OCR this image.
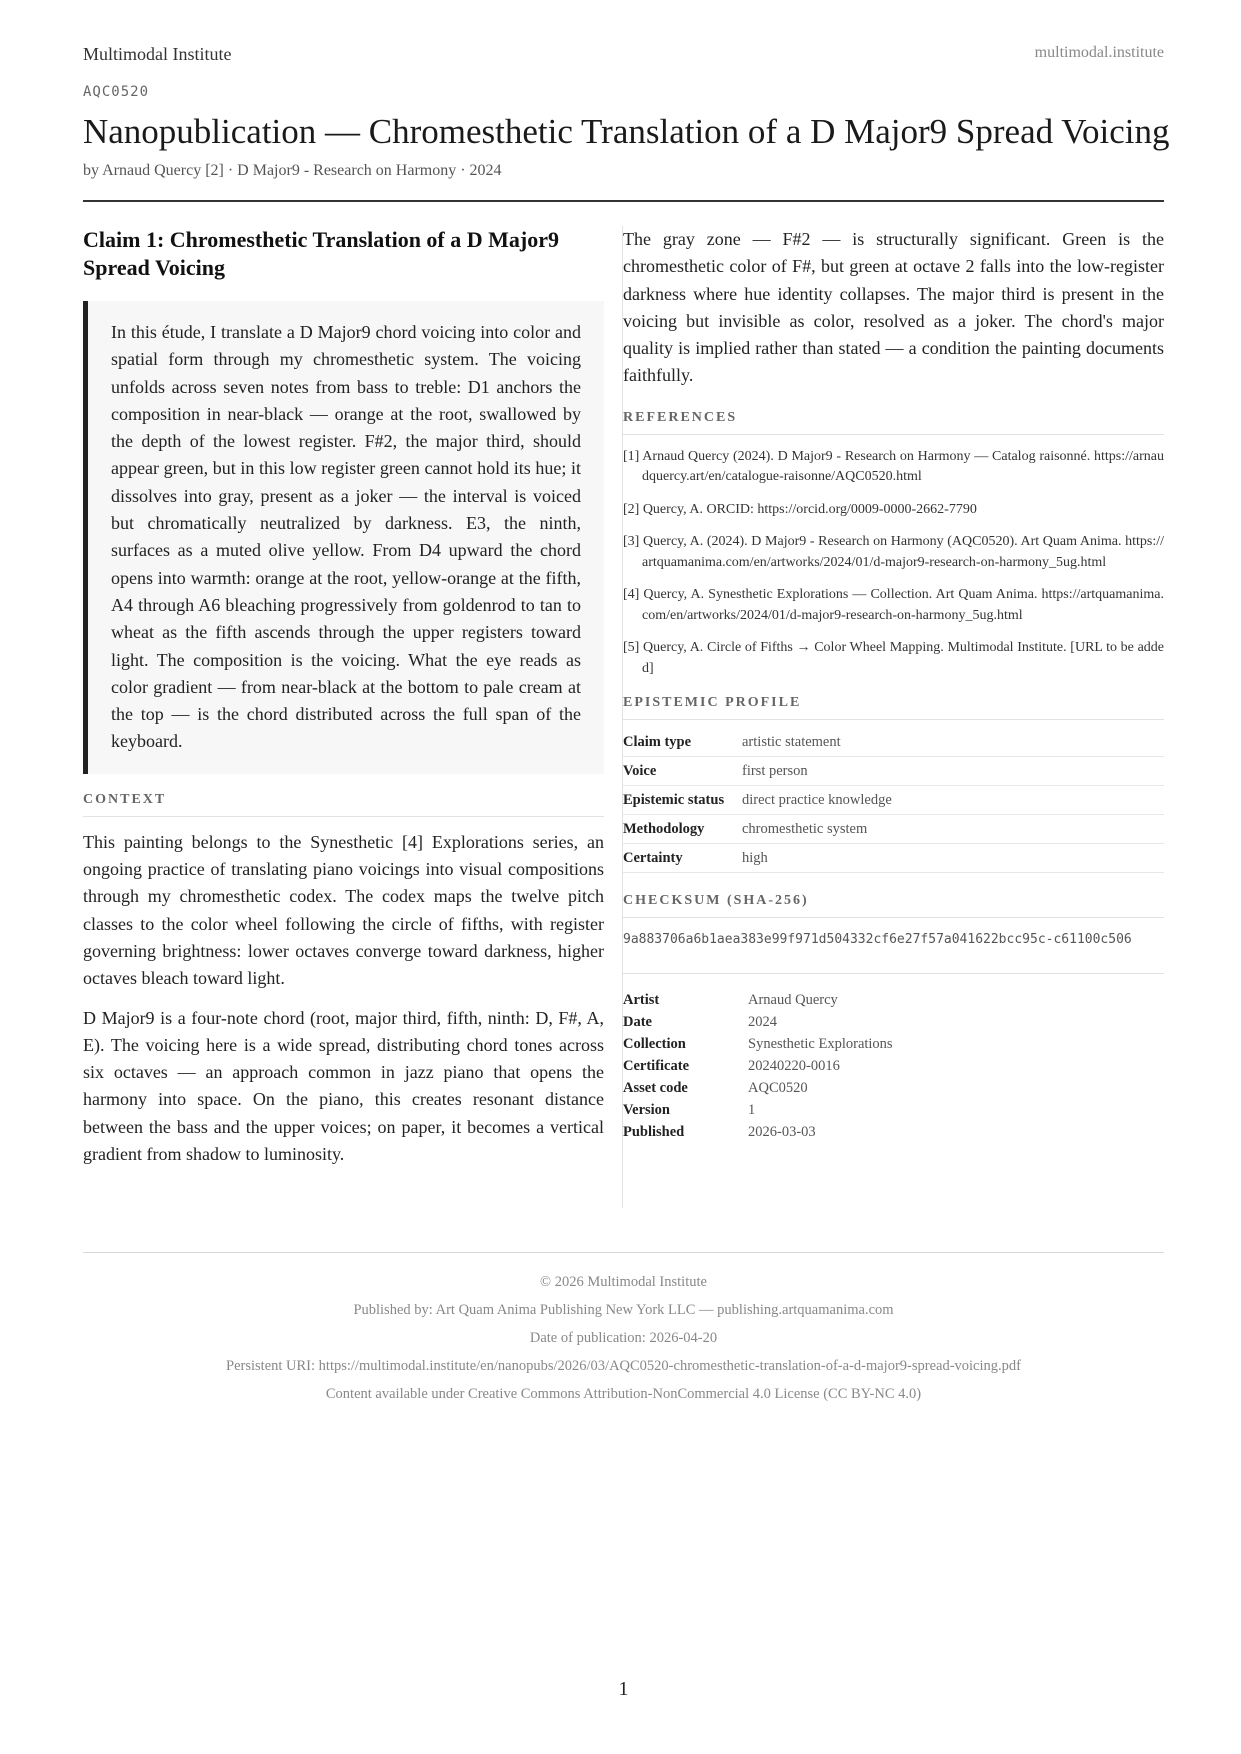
Multimodal Institute	multimodal.institute
AQC0520
Nanopublication — Chromesthetic Translation of a D Major9 Spread Voicing
by Arnaud Quercy [2] · D Major9 - Research on Harmony · 2024
Claim 1: Chromesthetic Translation of a D Major9 Spread Voicing

In this étude, I translate a D Major9 chord voicing into color and spatial form through my chromesthetic system. The voicing unfolds across seven notes from bass to treble: D1 anchors the composition in near-black — orange at the root, swallowed by the depth of the lowest register. F#2, the major third, should appear green, but in this low register green cannot hold its hue; it dissolves into gray, present as a joker — the interval is voiced but chromatically neutralized by darkness. E3, the ninth, surfaces as a muted olive yellow. From D4 upward the chord opens into warmth: orange at the root, yellow-orange at the fifth, A4 through A6 bleaching progressively from goldenrod to tan to wheat as the fifth ascends through the upper registers toward light. The composition is the voicing. What the eye reads as color gradient — from near-black at the bottom to pale cream at the top — is the chord distributed across the full span of the keyboard.

CONTEXT

This painting belongs to the Synesthetic [4] Explorations series, an ongoing practice of translating piano voicings into visual compositions through my chromesthetic codex. The codex maps the twelve pitch classes to the color wheel following the circle of fifths, with register governing brightness: lower octaves converge toward darkness, higher octaves bleach toward light.

D Major9 is a four-note chord (root, major third, fifth, ninth: D, F#, A, E). The voicing here is a wide spread, distributing chord tones across six octaves — an approach common in jazz piano that opens the harmony into space. On the piano, this creates resonant distance between the bass and the upper voices; on paper, it becomes a vertical gradient from shadow to luminosity.

The gray zone — F#2 — is structurally significant. Green is the chromesthetic color of F#, but green at octave 2 falls into the low-register darkness where hue identity collapses. The major third is present in the voicing but invisible as color, resolved as a joker. The chord's major quality is implied rather than stated — a condition the painting documents faithfully.

REFERENCES
[1] Arnaud Quercy (2024). D Major9 - Research on Harmony — Catalog raisonné. https://arnaudquercy.art/en/catalogue-raisonne/AQC0520.html
[2] Quercy, A. ORCID: https://orcid.org/0009-0000-2662-7790
[3] Quercy, A. (2024). D Major9 - Research on Harmony (AQC0520). Art Quam Anima. https://artquamanima.com/en/artworks/2024/01/d-major9-research-on-harmony_5ug.html
[4] Quercy, A. Synesthetic Explorations — Collection. Art Quam Anima. https://artquamanima.com/en/artworks/2024/01/d-major9-research-on-harmony_5ug.html
[5] Quercy, A. Circle of Fifths → Color Wheel Mapping. Multimodal Institute. [URL to be added]
EPISTEMIC PROFILE
Claim type	artistic statement
Voice	first person
Epistemic status	direct practice knowledge
Methodology	chromesthetic system
Certainty	high
CHECKSUM (SHA-256)
9a883706a6b1aea383e99f971d504332cf6e27f57a041622bcc95c-c61100c506
Artist	Arnaud Quercy
Date	2024
Collection	Synesthetic Explorations
Certificate	20240220-0016
Asset code	AQC0520
Version	1
Published	2026-03-03
© 2026 Multimodal Institute
Published by: Art Quam Anima Publishing New York LLC — publishing.artquamanima.com
Date of publication: 2026-04-20
Persistent URI: https://multimodal.institute/en/nanopubs/2026/03/AQC0520-chromesthetic-translation-of-a-d-major9-spread-voicing.pdf
Content available under Creative Commons Attribution-NonCommercial 4.0 License (CC BY-NC 4.0)
1
